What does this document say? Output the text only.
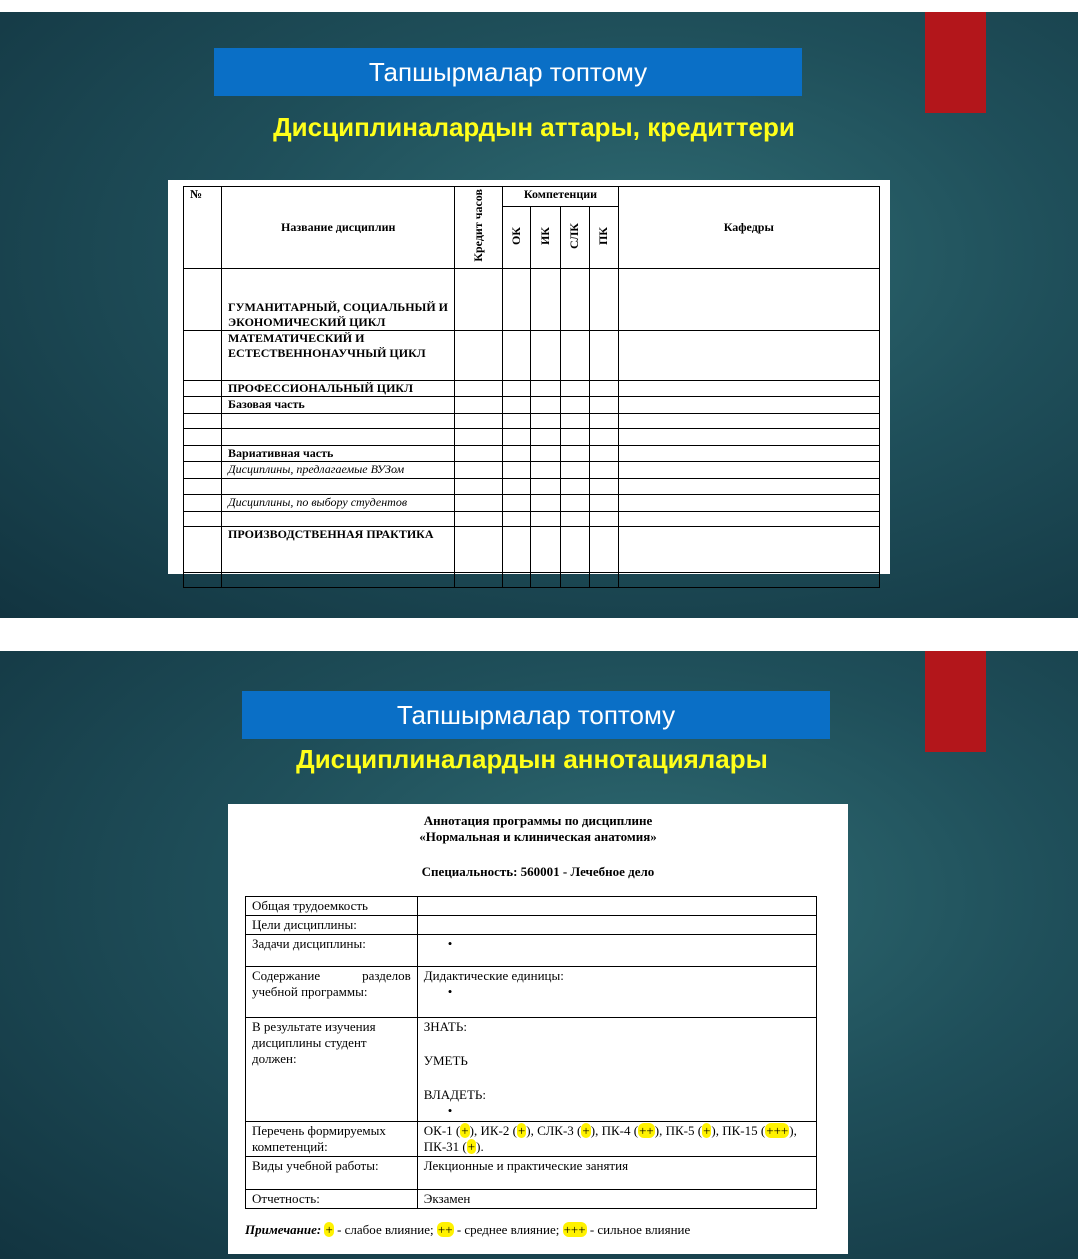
Тапшырмалар топтому
Дисциплиналардын аттары, кредиттери
№	Название дисциплин	Кредит часов	Компетенции				Кафедры
			ОК	ИК	СЛК	ПК	
	ГУМАНИТАРНЫЙ, СОЦИАЛЬНЫЙ И ЭКОНОМИЧЕСКИЙ ЦИКЛ						
	МАТЕМАТИЧЕСКИЙ И ЕСТЕСТВЕННОНАУЧНЫЙ ЦИКЛ						
	ПРОФЕССИОНАЛЬНЫЙ ЦИКЛ						
	Базовая часть						

	Вариативная часть						
	Дисциплины, предлагаемые ВУЗом						

	Дисциплины, по выбору студентов						

	ПРОИЗВОДСТВЕННАЯ ПРАКТИКА						

Тапшырмалар топтому
Дисциплиналардын аннотациялары
Аннотация программы по дисциплине
«Нормальная и клиническая анатомия»
Специальность: 560001 - Лечебное дело
Общая трудоемкость	
Цели дисциплины:	
Задачи дисциплины:	•
Содержание разделов учебной программы:	Дидактические единицы:
•

В результате изучения дисциплины студент должен:	ЗНАТЬ:
УМЕТЬ
ВЛАДЕТЬ:
•

Перечень формируемых компетенций:	ОК-1 (+), ИК-2 (+), СЛК-3 (+), ПК-4 (++), ПК-5 (+), ПК-15 (+++), ПК-31 (+).
Виды учебной работы:	Лекционные и практические занятия
Отчетность:	Экзамен
Примечание: + - слабое влияние; ++ - среднее влияние; +++ - сильное влияние
